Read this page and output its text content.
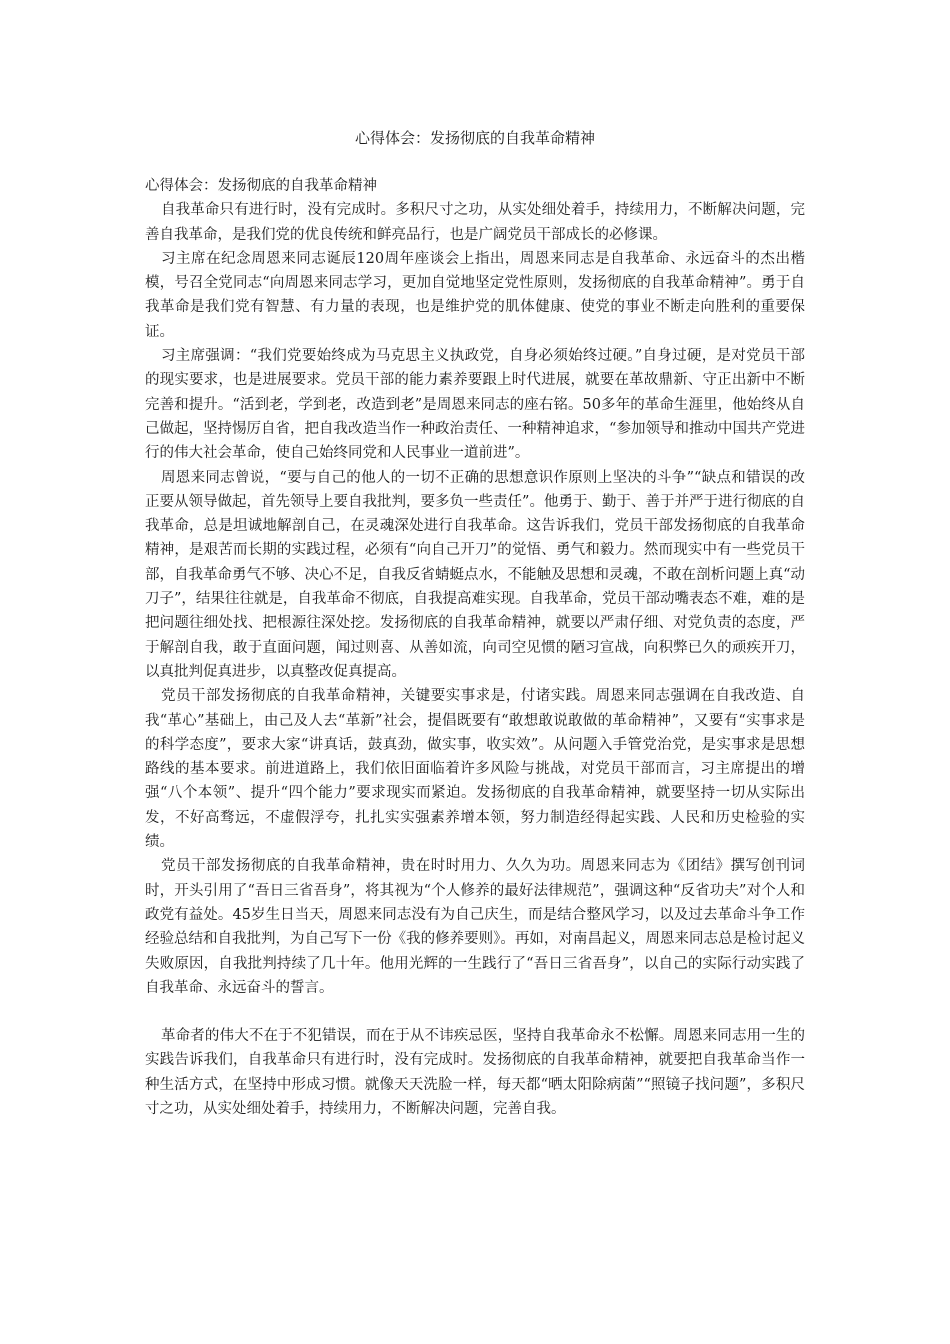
心得体会：发扬彻底的自我革命精神

心得体会：发扬彻底的自我革命精神

自我革命只有进行时，没有完成时。多积尺寸之功，从实处细处着手，持续用力，不断解决问题，完善自我革命，是我们党的优良传统和鲜亮品行，也是广阔党员干部成长的必修课。

习主席在纪念周恩来同志诞辰120周年座谈会上指出，周恩来同志是自我革命、永远奋斗的杰出楷模，号召全党同志“向周恩来同志学习，更加自觉地坚定党性原则，发扬彻底的自我革命精神”。勇于自我革命是我们党有智慧、有力量的表现，也是维护党的肌体健康、使党的事业不断走向胜利的重要保证。

习主席强调：“我们党要始终成为马克思主义执政党，自身必须始终过硬。”自身过硬，是对党员干部的现实要求，也是进展要求。党员干部的能力素养要跟上时代进展，就要在革故鼎新、守正出新中不断完善和提升。“活到老，学到老，改造到老”是周恩来同志的座右铭。50多年的革命生涯里，他始终从自己做起，坚持惕厉自省，把自我改造当作一种政治责任、一种精神追求，“参加领导和推动中国共产党进行的伟大社会革命，使自己始终同党和人民事业一道前进”。

周恩来同志曾说，“要与自己的他人的一切不正确的思想意识作原则上坚决的斗争”“缺点和错误的改正要从领导做起，首先领导上要自我批判，要多负一些责任”。他勇于、勤于、善于并严于进行彻底的自我革命，总是坦诚地解剖自己，在灵魂深处进行自我革命。这告诉我们，党员干部发扬彻底的自我革命精神，是艰苦而长期的实践过程，必须有“向自己开刀”的觉悟、勇气和毅力。然而现实中有一些党员干部，自我革命勇气不够、决心不足，自我反省蜻蜓点水，不能触及思想和灵魂，不敢在剖析问题上真“动刀子”，结果往往就是，自我革命不彻底，自我提高难实现。自我革命，党员干部动嘴表态不难，难的是把问题往细处找、把根源往深处挖。发扬彻底的自我革命精神，就要以严肃仔细、对党负责的态度，严于解剖自我，敢于直面问题，闻过则喜、从善如流，向司空见惯的陋习宣战，向积弊已久的顽疾开刀，以真批判促真进步，以真整改促真提高。

党员干部发扬彻底的自我革命精神，关键要实事求是，付诸实践。周恩来同志强调在自我改造、自我“革心”基础上，由己及人去“革新”社会，提倡既要有“敢想敢说敢做的革命精神”，又要有“实事求是的科学态度”，要求大家“讲真话，鼓真劲，做实事，收实效”。从问题入手管党治党，是实事求是思想路线的基本要求。前进道路上，我们依旧面临着许多风险与挑战，对党员干部而言，习主席提出的增强“八个本领”、提升“四个能力”要求现实而紧迫。发扬彻底的自我革命精神，就要坚持一切从实际出发，不好高骛远，不虚假浮夸，扎扎实实强素养增本领，努力制造经得起实践、人民和历史检验的实绩。

党员干部发扬彻底的自我革命精神，贵在时时用力、久久为功。周恩来同志为《团结》撰写创刊词时，开头引用了“吾日三省吾身”，将其视为“个人修养的最好法律规范”，强调这种“反省功夫”对个人和政党有益处。45岁生日当天，周恩来同志没有为自己庆生，而是结合整风学习，以及过去革命斗争工作经验总结和自我批判，为自己写下一份《我的修养要则》。再如，对南昌起义，周恩来同志总是检讨起义失败原因，自我批判持续了几十年。他用光辉的一生践行了“吾日三省吾身”，以自己的实际行动实践了自我革命、永远奋斗的誓言。

革命者的伟大不在于不犯错误，而在于从不讳疾忌医，坚持自我革命永不松懈。周恩来同志用一生的实践告诉我们，自我革命只有进行时，没有完成时。发扬彻底的自我革命精神，就要把自我革命当作一种生活方式，在坚持中形成习惯。就像天天洗脸一样，每天都“晒太阳除病菌”“照镜子找问题”，多积尺寸之功，从实处细处着手，持续用力，不断解决问题，完善自我。
